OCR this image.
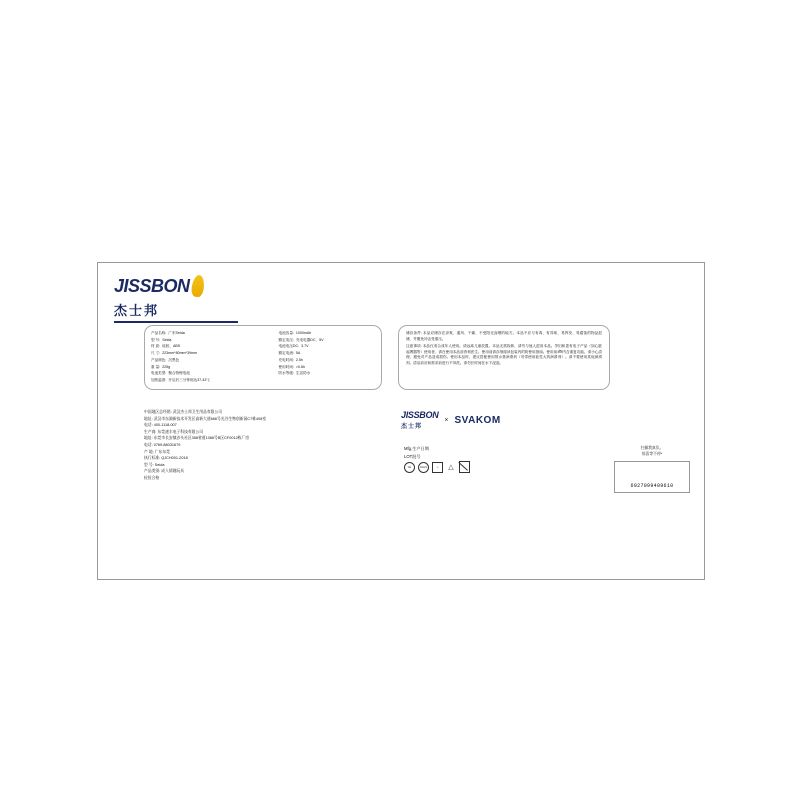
JISSBON
杰士邦
产品名称: 广东Seida
型 号: Seida
材 质: 硅胶、ABS
尺 寸: 223mm*80mm*39mm
产品颜色: 沉黑色
重 量: 225g
电池类型: 聚合物锂电池
加热温度: 开启后三分钟到达37-43℃
电池容量: 1000mAh
额定电压: 充电电器DC、5V
电池电压DC: 3.7V
额定电流: 5A
充电时间: 2.5h
使用时间: >0.6h
防水等级: 生活防水

储存条件: 本品应储存在凉爽、通风、干燥、不受阳光直晒的地方。本品不应与有毒、有异味、易挥发、易腐蚀的物品混储、并避免冲击受重压。

注意事项: 本品仅适合成年人使用。请远离儿童放置。本品无需拆卸，请勿与他人混用本品。孕妇和患有电子产品（如心脏起搏器等）使用者、请在使用本品前咨询医生。使用前请存细阅读包装内的防使用指南。使用前और内含重复功能。请小心清理，避免对产品造成损伤。使用本品时，建议搭配使用预水基润滑剂（勿带使用硅性大的润滑剂）。请不要使用其他润滑剂。清洁前应和需求前进行不冲洗。请勿长时间在水下浸泡。

中国地区总经销: 武汉杰士邦卫生用品有限公司
地址: 武汉市东湖新技术开发区高新大道666号光谷生物创新园C7栋408室
电话: 400-1118-007
生产商: 东莞速丰电子科技有限公司
地址: 东莞市长安镇沙头社区358省道1066号B区CF0012栋厂房
电话: 0769-88031679
产 地: 广东东莞
执行标准: QJCH001-2018
型 号: Seida
产品类别: 成人情趣玩具
检验合格
JISSBON
杰士邦
× SVAKOM
Mfg.生产日期
LOT批号
CE	RoHS	♲	△
扫描我真负。
惊喜等不停*
6927099409610
